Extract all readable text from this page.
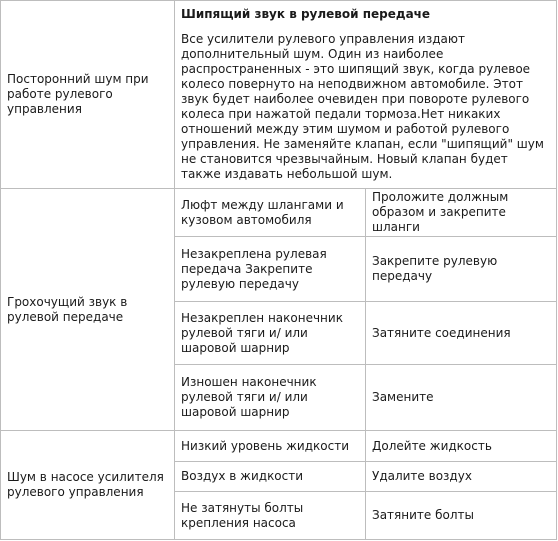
Посторонний шум при работе рулевого управления	Шипящий звук в рулевой передаче
Все усилители рулевого управления издают дополнительный шум. Один из наиболее распространенных - это шипящий звук, когда рулевое колесо повернуто на неподвижном автомобиле. Этот звук будет наиболее очевиден при повороте рулевого колеса при нажатой педали тормоза.Нет никаких отношений между этим шумом и работой рулевого управления. Не заменяйте клапан, если "шипящий" шум не становится чрезвычайным. Новый клапан будет также издавать небольшой шум.	

Грохочущий звук в рулевой передаче	Люфт между шлангами и кузовом автомобиля	Проложите должным образом и закрепите шланги
	Незакреплена рулевая передача Закрепите рулевую передачу	Закрепите рулевую передачу
	Незакреплен наконечник рулевой тяги и/ или шаровой шарнир	Затяните соединения
	Изношен наконечник рулевой тяги и/ или шаровой шарнир	Замените
Шум в насосе усилителя рулевого управления	Низкий уровень жидкости	Долейте жидкость
	Воздух в жидкости	Удалите воздух
	Не затянуты болты крепления насоса	Затяните болты
